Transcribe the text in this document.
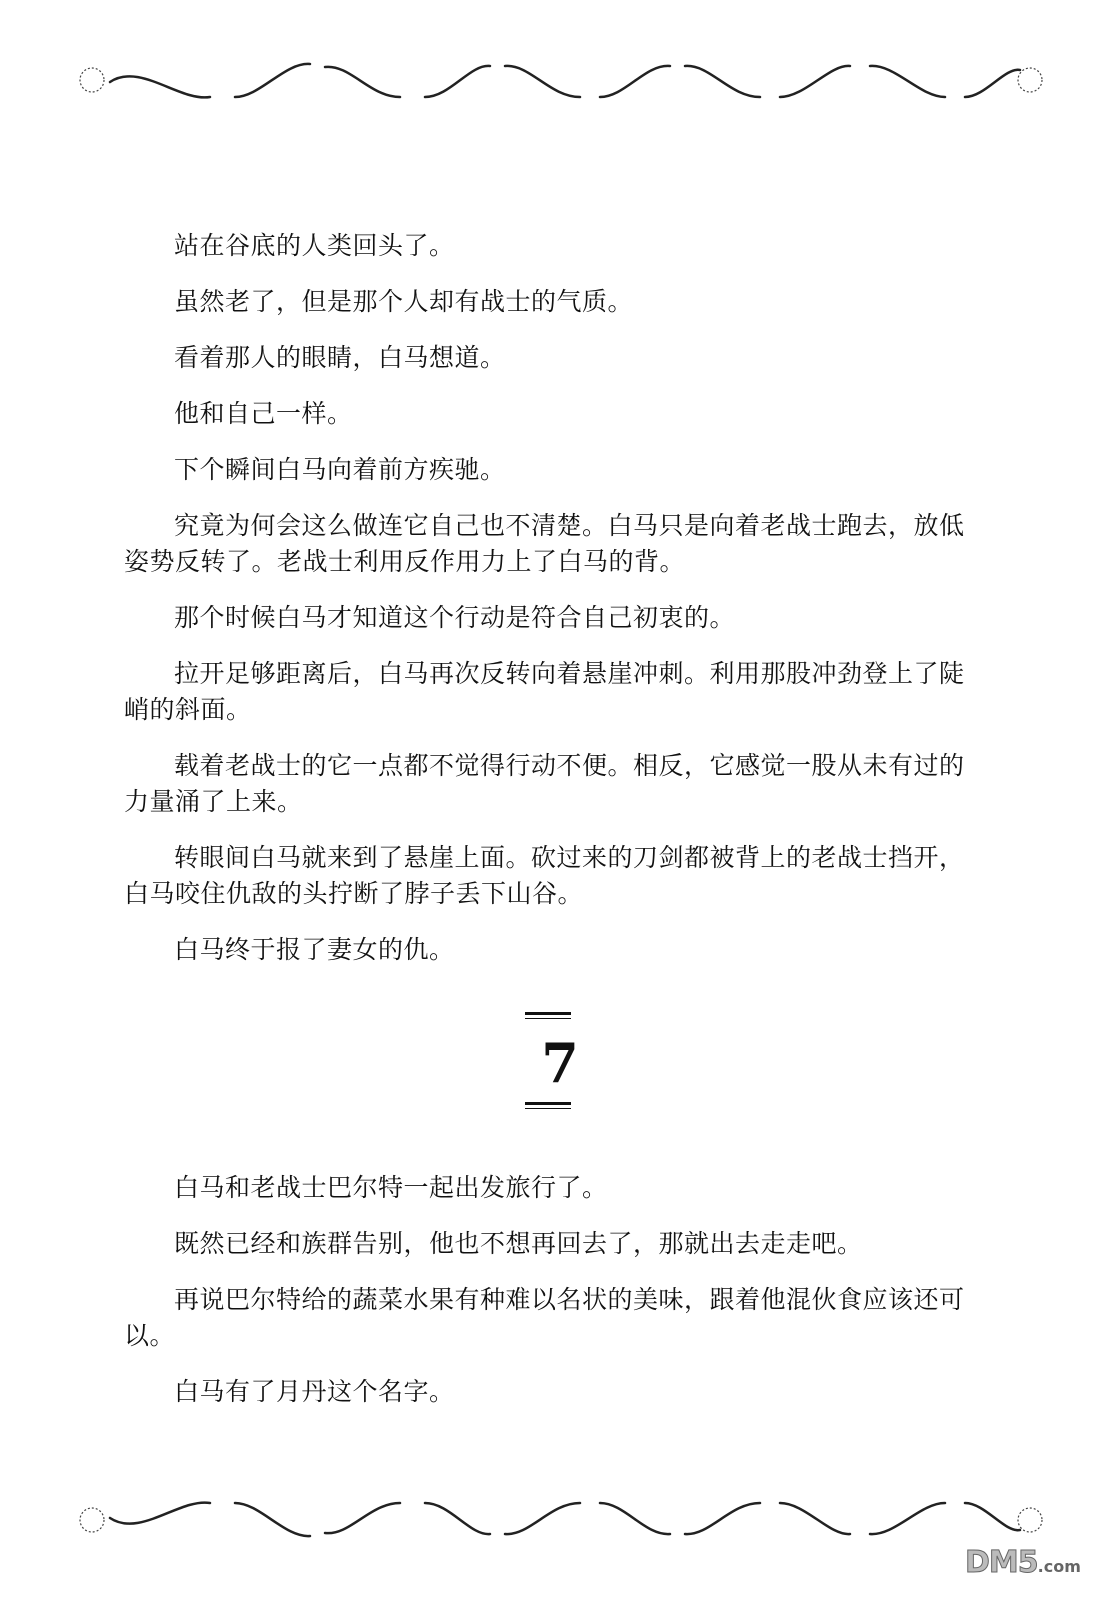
站在谷底的人类回头了。

虽然老了，但是那个人却有战士的气质。

看着那人的眼睛，白马想道。

他和自己一样。

下个瞬间白马向着前方疾驰。

究竟为何会这么做连它自己也不清楚。白马只是向着老战士跑去，放低姿势反转了。老战士利用反作用力上了白马的背。

那个时候白马才知道这个行动是符合自己初衷的。

拉开足够距离后，白马再次反转向着悬崖冲刺。利用那股冲劲登上了陡峭的斜面。

载着老战士的它一点都不觉得行动不便。相反，它感觉一股从未有过的力量涌了上来。

转眼间白马就来到了悬崖上面。砍过来的刀剑都被背上的老战士挡开，白马咬住仇敌的头拧断了脖子丢下山谷。

白马终于报了妻女的仇。

7

白马和老战士巴尔特一起出发旅行了。

既然已经和族群告别，他也不想再回去了，那就出去走走吧。

再说巴尔特给的蔬菜水果有种难以名状的美味，跟着他混伙食应该还可以。

白马有了月丹这个名字。

DM5.com
